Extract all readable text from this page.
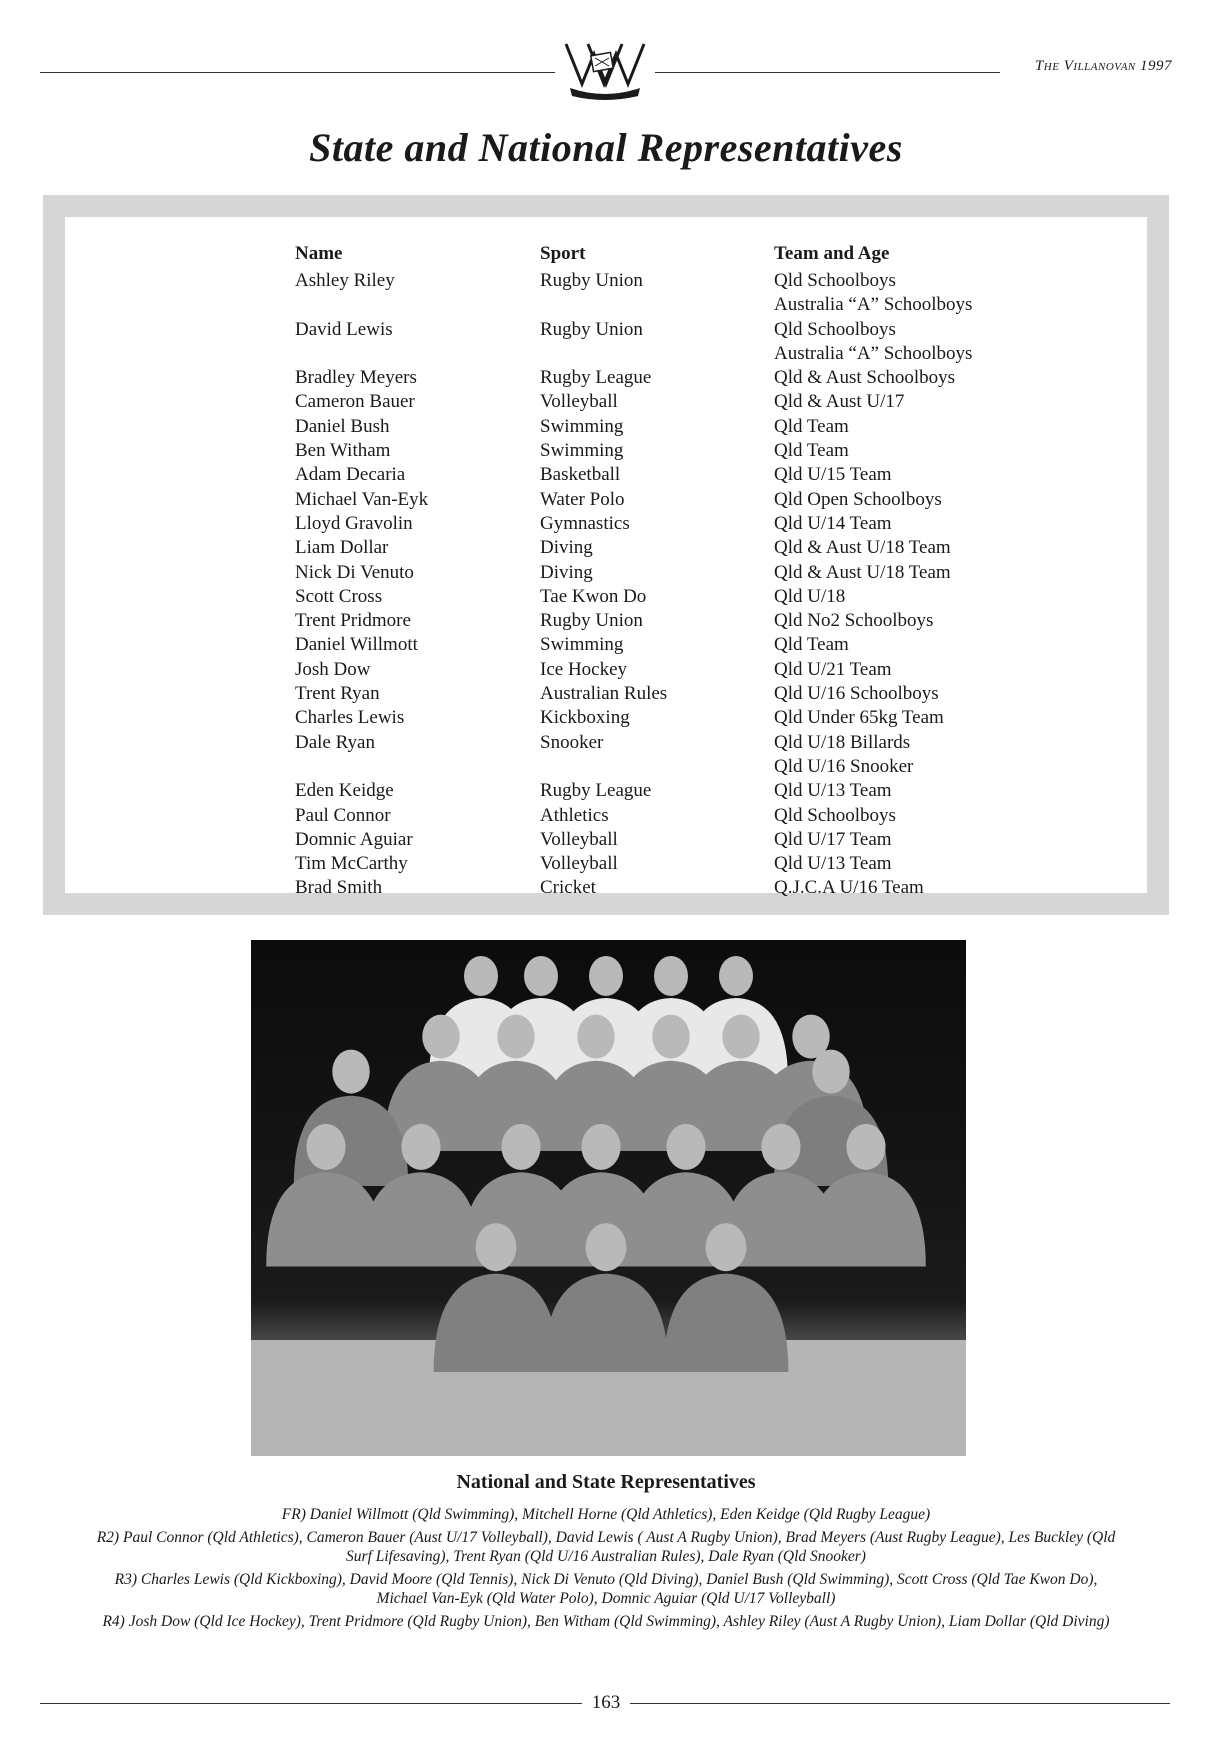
The Villanovan 1997
State and National Representatives
Name	Sport	Team and Age
Ashley Riley	Rugby Union	Qld Schoolboys
Australia “A” Schoolboys

David Lewis	Rugby Union	Qld Schoolboys
Australia “A” Schoolboys

Bradley Meyers	Rugby League	Qld & Aust Schoolboys

Cameron Bauer	Volleyball	Qld & Aust U/17

Daniel Bush	Swimming	Qld Team

Ben Witham	Swimming	Qld Team

Adam Decaria	Basketball	Qld U/15 Team

Michael Van-Eyk	Water Polo	Qld Open Schoolboys

Lloyd Gravolin	Gymnastics	Qld U/14 Team

Liam Dollar	Diving	Qld & Aust U/18 Team

Nick Di Venuto	Diving	Qld & Aust U/18 Team

Scott Cross	Tae Kwon Do	Qld U/18

Trent Pridmore	Rugby Union	Qld No2 Schoolboys

Daniel Willmott	Swimming	Qld Team

Josh Dow	Ice Hockey	Qld U/21 Team

Trent Ryan	Australian Rules	Qld U/16 Schoolboys

Charles Lewis	Kickboxing	Qld Under 65kg Team

Dale Ryan	Snooker	Qld U/18 Billards
Qld U/16 Snooker

Eden Keidge	Rugby League	Qld U/13 Team

Paul Connor	Athletics	Qld Schoolboys

Domnic Aguiar	Volleyball	Qld U/17 Team

Tim McCarthy	Volleyball	Qld U/13 Team

Brad Smith	Cricket	Q.J.C.A U/16 Team
National and State Representatives

FR) Daniel Willmott (Qld Swimming), Mitchell Horne (Qld Athletics), Eden Keidge (Qld Rugby League)

R2) Paul Connor (Qld Athletics), Cameron Bauer (Aust U/17 Volleyball), David Lewis ( Aust A Rugby Union), Brad Meyers (Aust Rugby League), Les Buckley (Qld Surf Lifesaving), Trent Ryan (Qld U/16 Australian Rules), Dale Ryan (Qld Snooker)

R3) Charles Lewis (Qld Kickboxing), David Moore (Qld Tennis), Nick Di Venuto (Qld Diving), Daniel Bush (Qld Swimming), Scott Cross (Qld Tae Kwon Do), Michael Van-Eyk (Qld Water Polo), Domnic Aguiar (Qld U/17 Volleyball)

R4) Josh Dow (Qld Ice Hockey), Trent Pridmore (Qld Rugby Union), Ben Witham (Qld Swimming), Ashley Riley (Aust A Rugby Union), Liam Dollar (Qld Diving)

163
